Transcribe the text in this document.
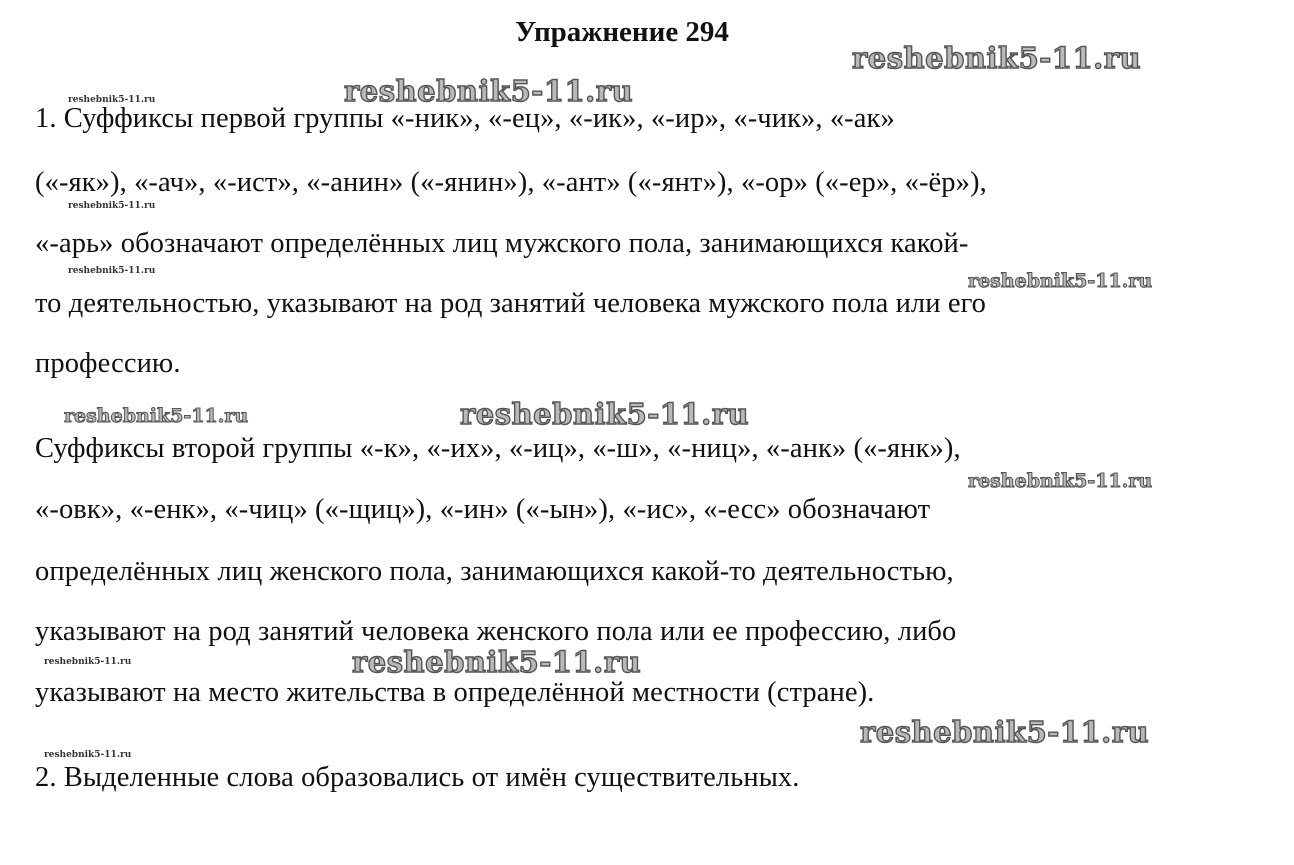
Упражнение 294
1. Суффиксы первой группы «-ник», «-ец», «-ик», «-ир», «-чик», «-ак»
(«-як»), «-ач», «-ист», «-анин» («-янин»), «-ант» («-янт»), «-ор» («-ер», «-ёр»),
«-арь» обозначают определённых лиц мужского пола, занимающихся какой-
то деятельностью, указывают на род занятий человека мужского пола или его
профессию.
Суффиксы второй группы «-к», «-их», «-иц», «-ш», «-ниц», «-анк» («-янк»),
«-овк», «-енк», «-чиц» («-щиц»), «-ин» («-ын»), «-ис», «-есс» обозначают
определённых лиц женского пола, занимающихся какой-то деятельностью,
указывают на род занятий человека женского пола или ее профессию, либо
указывают на место жительства в определённой местности (стране).
2. Выделенные слова образовались от имён существительных.
reshebnik5-11.ru
reshebnik5-11.ru
reshebnik5-11.ru
reshebnik5-11.ru
reshebnik5-11.ru	reshebnik5-11.ru
reshebnik5-11.ru	reshebnik5-11.ru
reshebnik5-11.ru
reshebnik5-11.ru	reshebnik5-11.ru
reshebnik5-11.ru
reshebnik5-11.ru
